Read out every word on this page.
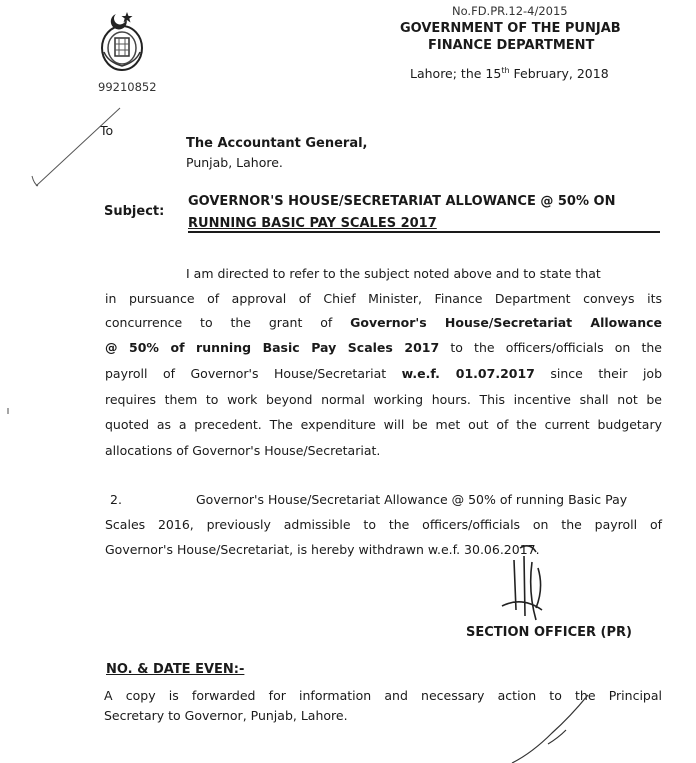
99210852
No.FD.PR.12-4/2015
GOVERNMENT OF THE PUNJAB
FINANCE DEPARTMENT
Lahore; the 15th February, 2018
To
The Accountant General,
Punjab, Lahore.
Subject:
GOVERNOR'S HOUSE/SECRETARIAT ALLOWANCE @ 50% ON
RUNNING BASIC PAY SCALES 2017
I am directed to refer to the subject noted above and to state that
in pursuance of approval of Chief Minister, Finance Department conveys its
concurrence to the grant of Governor's House/Secretariat Allowance
@ 50% of running Basic Pay Scales 2017 to the officers/officials on the
payroll of Governor's House/Secretariat w.e.f. 01.07.2017 since their job
requires them to work beyond normal working hours. This incentive shall not be
quoted as a precedent. The expenditure will be met out of the current budgetary
allocations of Governor's House/Secretariat.
2.	Governor's House/Secretariat Allowance @ 50% of running Basic Pay
Scales 2016, previously admissible to the officers/officials on the payroll of
Governor's House/Secretariat, is hereby withdrawn w.e.f. 30.06.2017.
SECTION OFFICER (PR)
NO. & DATE EVEN:-
A copy is forwarded for information and necessary action to the Principal
Secretary to Governor, Punjab, Lahore.
